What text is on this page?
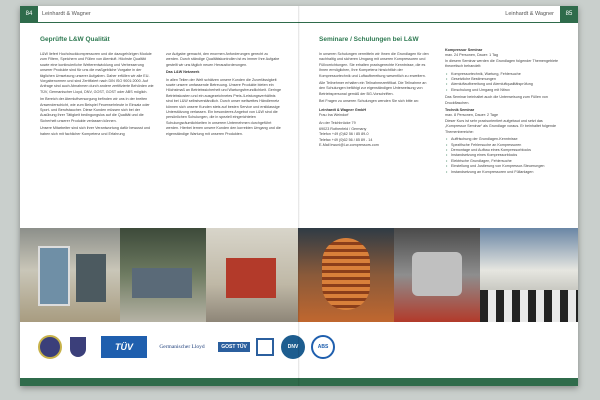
84	Leinhardt & Wagner
Geprüfte L&W Qualität

L&W liefert Hochdruckkompressoren und die dazugehörigen Module zum Filtern, Speichern und Füllen von Atemluft. Höchste Qualität sowie eine kontinuierliche Weiterentwicklung und Verbesserung unserer Produkte sind für uns die maßgebliche Vorgabe in der täglichen Umsetzung unserer Aufgaben. Daher erfüllen wir alle EU-Vorgabenormen und sind Zertifiziert nach DIN ISO 9001:2000. Auf Anfrage sind auch Abnahmen durch andere zertifizierte Behörden wie TÜV, Germanischer Lloyd, DNV, GOST, GOST oder ABS möglich.

Im Bereich der Atemluftversorgung befinden wir uns in der breiten Anwenderschicht, wie zum Beispiel Feuerwehrleute in Einsatz oder Sport- und Berufstaucher. Diese Kunden müssen sich bei der Ausübung ihrer Tätigkeit bedingungslos auf die Qualität und die Sicherheit unserer Produkte verlassen können.

Unsere Mitarbeiter sind sich ihrer Verantwortung dafür bewusst und haben sich mit fachlicher Kompetenz und Erfahrung

zur Aufgabe gemacht, den enormen Anforderungen gerecht zu werden. Durch ständige Qualitätskontrollen ist es immer Ihre Aufgabe gestellt wir uns täglich neuen Herausforderungen.

Das L&W Netzwerk

In allen Teilen der Welt schätzen unsere Kunden die Zuverlässigkeit sowie unsere umfassende Betreuung. Unsere Produkte bieten ein Höchstmaß an Betriebssicherheit und Wartungsfreundlichkeit. Geringe Betriebskosten und ein ausgezeichnetes Preis-/Leistungsverhältnis sind bei L&W selbstverständlich. Durch unser weltweites Händlernetz können sich unsere Kunden stets auf besten Service und erstklassige Unterstützung verlassen. Ein besonderes Angebot von L&W sind die persönlichen Schulungen, die in speziell eingerichteten Schulungsräumlichkeiten in unserem Unternehmen durchgeführt werden. Hierbei lernen unsere Kunden den korrekten Umgang und die eigenständige Wartung mit unseren Produkten.

Leinhardt & Wagner	85
Seminare / Schulungen bei L&W

In unseren Schulungen vermitteln wir Ihnen die Grundlagen für den nachhaltig und sicheren Umgang mit unseren Kompressoren und Füllvorrichtungen. Sie erhalten praxisgerechte Kenntnisse, die es Ihnen ermöglichen, Ihre Kompetenz hinsichtlich der Kompressortechnik und Luftaufbereitung wesentlich zu erweitern.

Alle Teilnehmer erhalten ein Teilnahmezertifikat. Die Teilnahme an den Schulungen befähigt zur eigenständigen Unterweisung von Betriebspersonal gemäß der BG-Vorschriften.

Bei Fragen zu unseren Schulungen wenden Sie sich bitte an:

Leinhardt & Wagner GmbH
Frau Ina Weindorf
An der Teichbrücke 79
69023 Rothenfeld / Germany
Telefon +49 (0)62 56 / 85 89-0
Telefax +49 (0)62 56 / 85 89 - 14
E-Mail lrwuni@l-w-compressors.com
Kompressor Seminar
max. 24 Personen, Dauer: 1 Tag

In diesem Seminar werden die Grundlagen folgender Themengebiete theoretisch behandelt:

• Kompressortechnik, Wartung, Fehlersuche
• Gesetzliche Bestimmungen
• Atemluftaufbereitung und Atemluftqualitätsprüfung
• Einschulung und Umgang mit Nitrox

Das Seminar beinhaltet auch die Unterweisung zum Füllen von Druckflaschen.

Technik Seminar
max. 8 Personen, Dauer: 2 Tage

Dieser Kurs ist sehr praxisorientiert aufgebaut und setzt das „Kompressor Seminar“ als Grundlage voraus. Er beinhaltet folgende Themenbereiche:

• Auffrischung der Grundlagen-Kenntnisse
• Spezifische Fehlersuche an Kompressoren
• Demontage und Aufbau eines Kompressorblocks
• Instandsetzung eines Kompressorblocks
• Elektrische Grundlagen, Fehlersuche
• Einstellung und Justierung von Kompressor-Steuerungen
• Instandsetzung an Kompressoren und Füllanlagen
TÜV	Germanischer Lloyd	GOST TÜV	DNV	ABS
